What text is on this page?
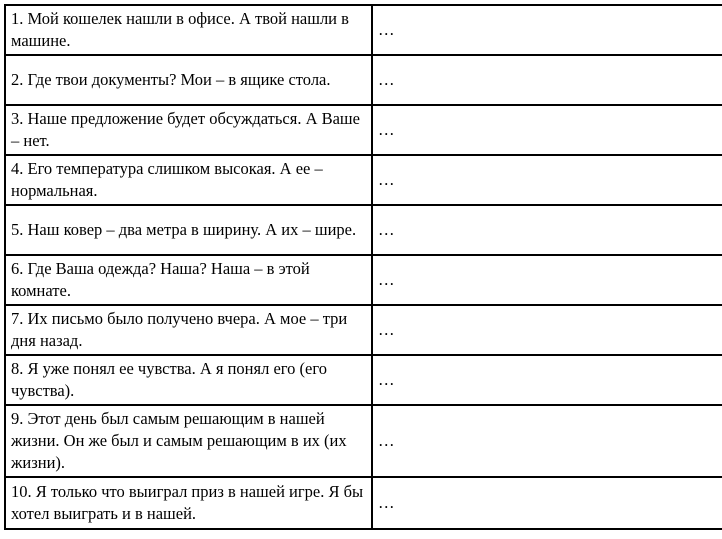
1. Мой кошелек нашли в офисе. А твой нашли в машине.	…

2. Где твои документы? Мои – в ящике стола.	…

3. Наше предложение будет обсуждаться. А Ваше – нет.	…

4. Его температура слишком высокая. А ее – нормальная.	…

5. Наш ковер – два метра в ширину. А их – шире.	…

6. Где Ваша одежда? Наша? Наша – в этой комнате.	…

7. Их письмо было получено вчера. А мое – три дня назад.	…

8. Я уже понял ее чувства. А я понял его (его чувства).	…

9. Этот день был самым решающим в нашей жизни. Он же был и самым решающим в их (их жизни).	…

10. Я только что выиграл приз в нашей игре. Я бы хотел выиграть и в нашей.	…
